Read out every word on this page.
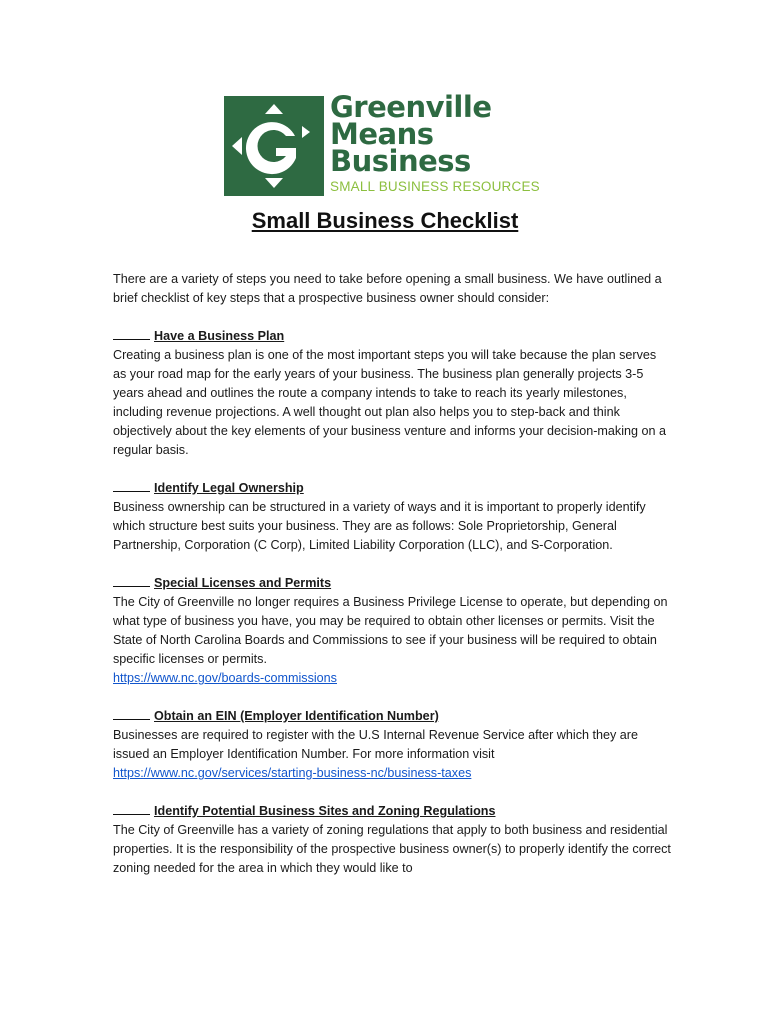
Greenville
Means
Business
SMALL BUSINESS RESOURCES
Small Business Checklist

There are a variety of steps you need to take before opening a small business. We have outlined a brief checklist of key steps that a prospective business owner should consider:

Have a Business Plan

Creating a business plan is one of the most important steps you will take because the plan serves as your road map for the early years of your business. The business plan generally projects 3-5 years ahead and outlines the route a company intends to take to reach its yearly milestones, including revenue projections. A well thought out plan also helps you to step-back and think objectively about the key elements of your business venture and informs your decision-making on a regular basis.

Identify Legal Ownership

Business ownership can be structured in a variety of ways and it is important to properly identify which structure best suits your business. They are as follows: Sole Proprietorship, General Partnership, Corporation (C Corp), Limited Liability Corporation (LLC), and S-Corporation.

Special Licenses and Permits

The City of Greenville no longer requires a Business Privilege License to operate, but depending on what type of business you have, you may be required to obtain other licenses or permits. Visit the State of North Carolina Boards and Commissions to see if your business will be required to obtain specific licenses or permits.

https://www.nc.gov/boards-commissions
Obtain an EIN (Employer Identification Number)

Businesses are required to register with the U.S Internal Revenue Service after which they are issued an Employer Identification Number. For more information visit

https://www.nc.gov/services/starting-business-nc/business-taxes
Identify Potential Business Sites and Zoning Regulations

The City of Greenville has a variety of zoning regulations that apply to both business and residential properties. It is the responsibility of the prospective business owner(s) to properly identify the correct zoning needed for the area in which they would like to
